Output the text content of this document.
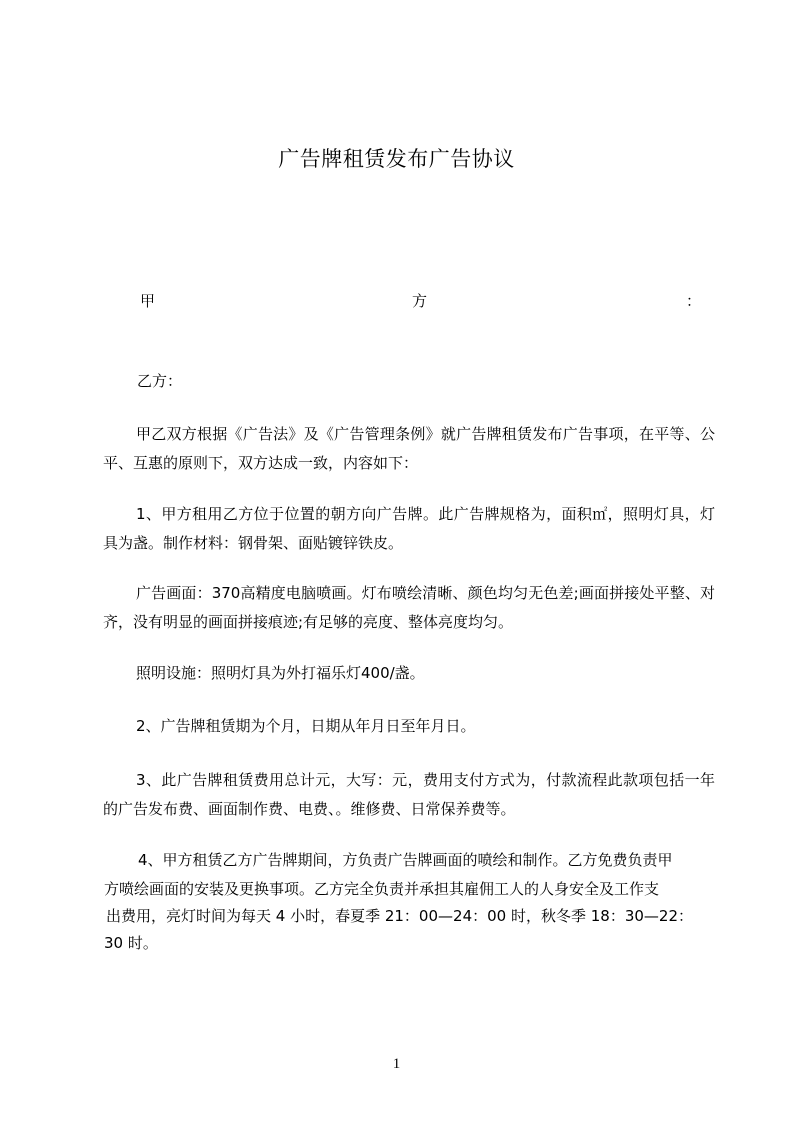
广告牌租赁发布广告协议
甲	方	：

乙方：

甲乙双方根据《广告法》及《广告管理条例》就广告牌租赁发布广告事项，在平等、公平、互惠的原则下，双方达成一致，内容如下：

1、甲方租用乙方位于位置的朝方向广告牌。此广告牌规格为，面积㎡，照明灯具，灯具为盏。制作材料：钢骨架、面贴镀锌铁皮。

广告画面：370高精度电脑喷画。灯布喷绘清晰、颜色均匀无色差;画面拼接处平整、对齐，没有明显的画面拼接痕迹;有足够的亮度、整体亮度均匀。

照明设施：照明灯具为外打福乐灯400/盏。

2、广告牌租赁期为个月，日期从年月日至年月日。

3、此广告牌租赁费用总计元，大写：元，费用支付方式为，付款流程此款项包括一年的广告发布费、画面制作费、电费、。维修费、日常保养费等。

4、甲方租赁乙方广告牌期间，方负责广告牌画面的喷绘和制作。乙方免费负责甲

方喷绘画面的安装及更换事项。乙方完全负责并承担其雇佣工人的人身安全及工作支

出费用，亮灯时间为每天 4 小时，春夏季 21：00—24：00 时，秋冬季 18：30—22：

30 时。

1
